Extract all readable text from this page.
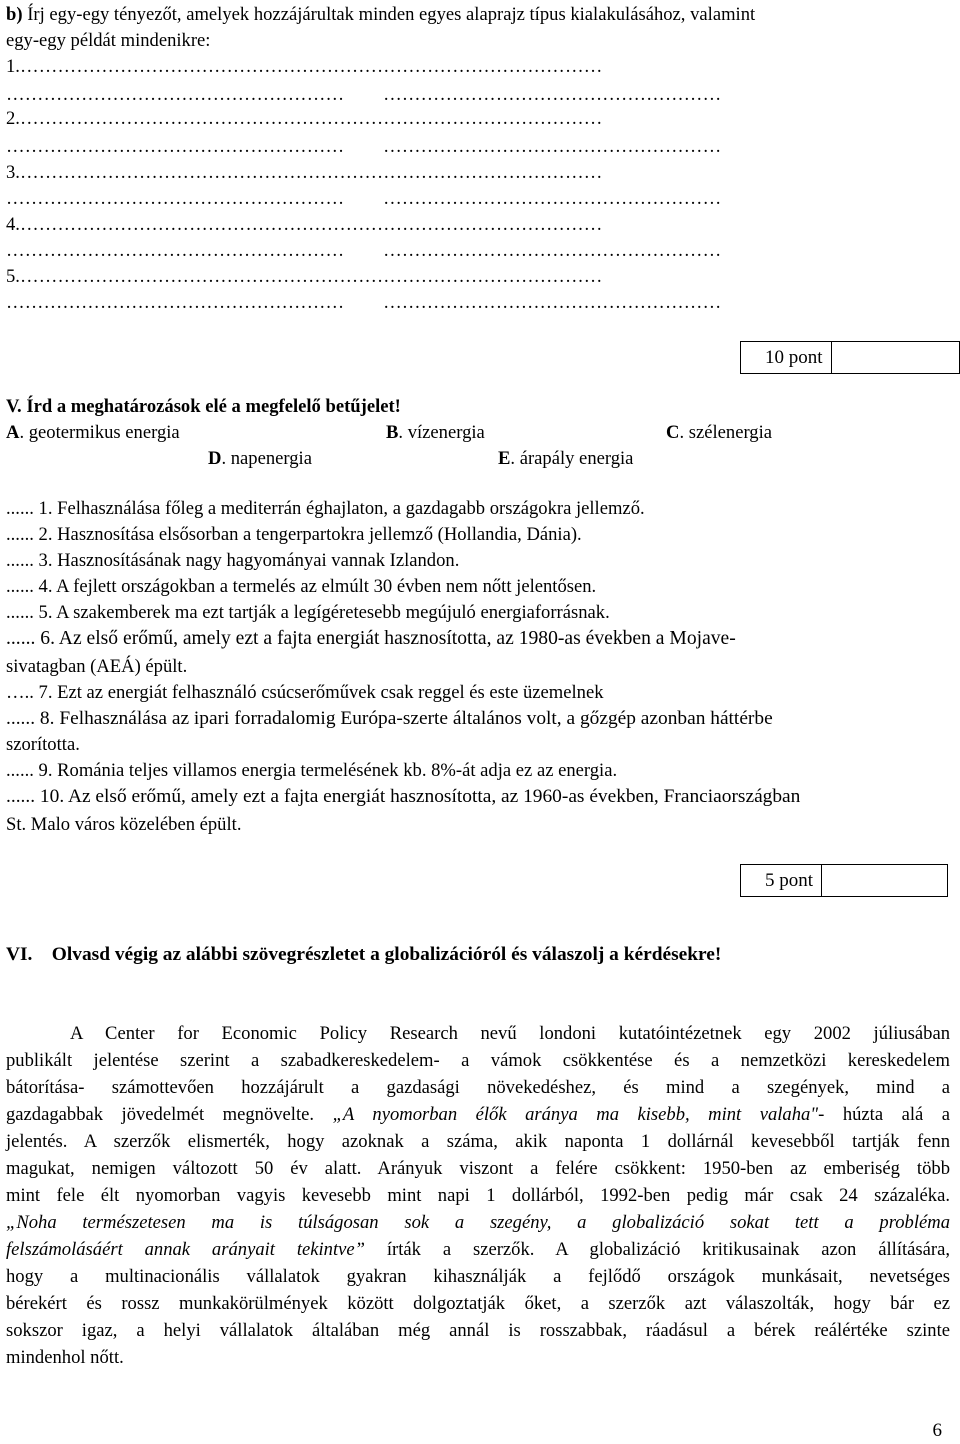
b) Írj egy-egy tényezőt, amelyek hozzájárultak minden egyes alaprajz típus kialakulásához, valamint
egy-egy példát mindenikre:
1.…………………………………………………………………………………
………………………………………………        ………………………………………………
2.…………………………………………………………………………………
………………………………………………        ………………………………………………
3.…………………………………………………………………………………
………………………………………………        ………………………………………………
4.…………………………………………………………………………………
………………………………………………        ………………………………………………
5.…………………………………………………………………………………
………………………………………………        ………………………………………………
10 pont
V. Írd a meghatározások elé a megfelelő betűjelet!
A. geotermikus energia	B. vízenergia	C. szélenergia
D. napenergia	E. árapály energia
...... 1. Felhasználása főleg a mediterrán éghajlaton, a gazdagabb országokra jellemző.
...... 2. Hasznosítása elsősorban a tengerpartokra jellemző (Hollandia, Dánia).
...... 3. Hasznosításának nagy hagyományai vannak Izlandon.
...... 4. A fejlett országokban a termelés az elmúlt 30 évben nem nőtt jelentősen.
...... 5. A szakemberek ma ezt tartják a legígéretesebb megújuló energiaforrásnak.
...... 6. Az első erőmű, amely ezt a fajta energiát hasznosította, az 1980-as években a Mojave-
sivatagban (AEÁ) épült.
….. 7. Ezt az energiát felhasználó csúcserőművek csak reggel és este üzemelnek
...... 8. Felhasználása az ipari forradalomig Európa-szerte általános volt, a gőzgép azonban háttérbe
szorította.
...... 9. Románia teljes villamos energia termelésének kb. 8%-át adja ez az energia.
...... 10. Az első erőmű, amely ezt a fajta energiát hasznosította, az 1960-as években, Franciaországban
St. Malo város közelében épült.
5 pont
VI. Olvasd végig az alábbi szövegrészletet a globalizációról és válaszolj a kérdésekre!
A Center for Economic Policy Research nevű londoni kutatóintézetnek egy 2002 júliusában
publikált jelentése szerint a szabadkereskedelem- a vámok csökkentése és a nemzetközi kereskedelem
bátorítása- számottevően hozzájárult a gazdasági növekedéshez, és mind a szegények, mind a
gazdagabbak jövedelmét megnövelte. „A nyomorban élők aránya ma kisebb, mint valaha"- húzta alá a
jelentés. A szerzők elismerték, hogy azoknak a száma, akik naponta 1 dollárnál kevesebből tartják fenn
magukat, nemigen változott 50 év alatt. Arányuk viszont a felére csökkent: 1950-ben az emberiség több
mint fele élt nyomorban vagyis kevesebb mint napi 1 dollárból, 1992-ben pedig már csak 24 százaléka.
„Noha természetesen ma is túlságosan sok a szegény, a globalizáció sokat tett a probléma
felszámolásáért annak arányait tekintve” írták a szerzők. A globalizáció kritikusainak azon állítására,
hogy a multinacionális vállalatok gyakran kihasználják a fejlődő országok munkásait, nevetséges
bérekért és rossz munkakörülmények között dolgoztatják őket, a szerzők azt válaszolták, hogy bár ez
sokszor igaz, a helyi vállalatok általában még annál is rosszabbak, ráadásul a bérek reálértéke szinte
mindenhol nőtt.
6
